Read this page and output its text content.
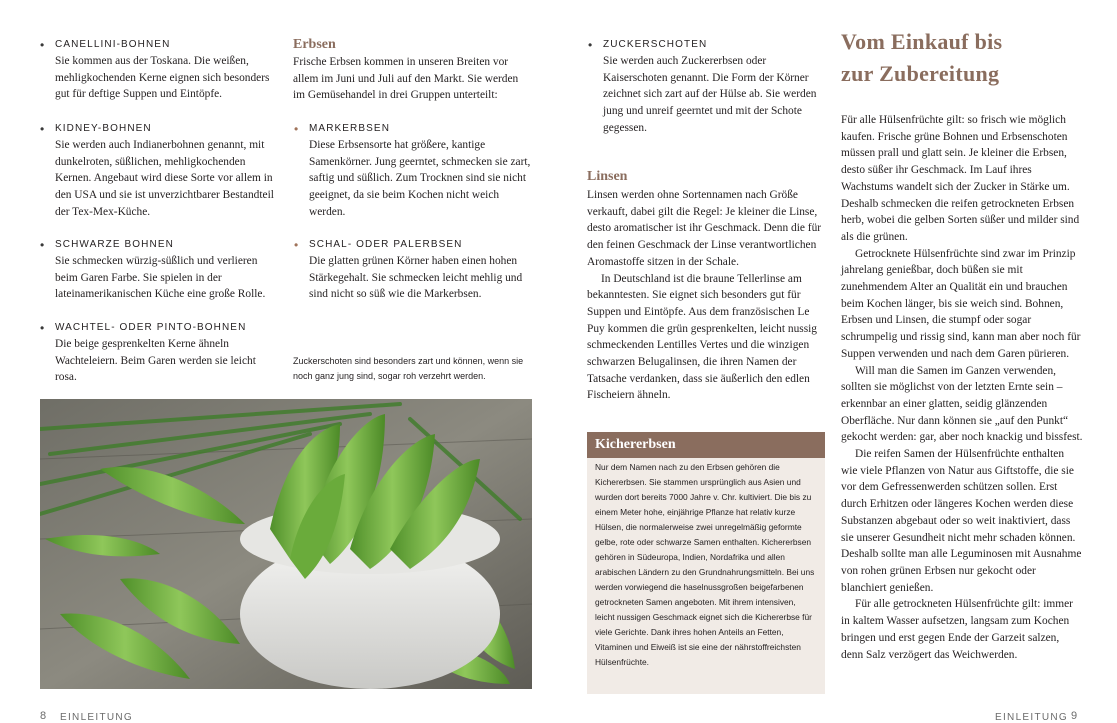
• CANELLINI-BOHNEN
Sie kommen aus der Toskana. Die weißen, mehligkochenden Kerne eignen sich besonders gut für deftige Suppen und Eintöpfe.
• KIDNEY-BOHNEN
Sie werden auch Indianerbohnen genannt, mit dunkelroten, süßlichen, mehligkochenden Kernen. Angebaut wird diese Sorte vor allem in den USA und sie ist unverzichtbarer Bestandteil der Tex-Mex-Küche.
• SCHWARZE BOHNEN
Sie schmecken würzig-süßlich und verlieren beim Garen Farbe. Sie spielen in der lateinamerikanischen Küche eine große Rolle.
• WACHTEL- ODER PINTO-BOHNEN
Die beige gesprenkelten Kerne ähneln Wachteleiern. Beim Garen werden sie leicht rosa.
Erbsen
Frische Erbsen kommen in unseren Breiten vor allem im Juni und Juli auf den Markt. Sie werden im Gemüsehandel in drei Gruppen unterteilt:
• MARKERBSEN
Diese Erbsensorte hat größere, kantige Samenkörner. Jung geerntet, schmecken sie zart, saftig und süßlich. Zum Trocknen sind sie nicht geeignet, da sie beim Kochen nicht weich werden.
• SCHAL- ODER PALERBSEN
Die glatten grünen Körner haben einen hohen Stärkegehalt. Sie schmecken leicht mehlig und sind nicht so süß wie die Markerbsen.
Zuckerschoten sind besonders zart und können, wenn sie noch ganz jung sind, sogar roh verzehrt werden.
• ZUCKERSCHOTEN
Sie werden auch Zuckererbsen oder Kaiserschoten genannt. Die Form der Körner zeichnet sich zart auf der Hülse ab. Sie werden jung und unreif geerntet und mit der Schote gegessen.
Linsen

Linsen werden ohne Sortennamen nach Größe verkauft, dabei gilt die Regel: Je kleiner die Linse, desto aromatischer ist ihr Geschmack. Denn die für den feinen Geschmack der Linse verantwortlichen Aromastoffe sitzen in der Schale.

In Deutschland ist die braune Tellerlinse am bekanntesten. Sie eignet sich besonders gut für Suppen und Eintöpfe. Aus dem französischen Le Puy kommen die grün gesprenkelten, leicht nussig schmeckenden Lentilles Vertes und die winzigen schwarzen Belugalinsen, die ihren Namen der Tatsache verdanken, dass sie äußerlich den edlen Fischeiern ähneln.

Kichererbsen
Nur dem Namen nach zu den Erbsen gehören die Kichererbsen. Sie stammen ursprünglich aus Asien und wurden dort bereits 7000 Jahre v. Chr. kultiviert. Die bis zu einem Meter hohe, einjährige Pflanze hat relativ kurze Hülsen, die normalerweise zwei unregelmäßig geformte gelbe, rote oder schwarze Samen enthalten. Kichererbsen gehören in Südeuropa, Indien, Nordafrika und allen arabischen Ländern zu den Grundnahrungsmitteln. Bei uns werden vorwiegend die haselnussgroßen beigefarbenen getrockneten Samen angeboten. Mit ihrem intensiven, leicht nussigen Geschmack eignet sich die Kichererbse für viele Gerichte. Dank ihres hohen Anteils an Fetten, Vitaminen und Eiweiß ist sie eine der nährstoffreichsten Hülsenfrüchte.
Vom Einkauf bis
zur Zubereitung

Für alle Hülsenfrüchte gilt: so frisch wie möglich kaufen. Frische grüne Bohnen und Erbsenschoten müssen prall und glatt sein. Je kleiner die Erbsen, desto süßer ihr Geschmack. Im Lauf ihres Wachstums wandelt sich der Zucker in Stärke um. Deshalb schmecken die reifen getrockneten Erbsen herb, wobei die gelben Sorten süßer und milder sind als die grünen.

Getrocknete Hülsenfrüchte sind zwar im Prinzip jahrelang genießbar, doch büßen sie mit zunehmendem Alter an Qualität ein und brauchen beim Kochen länger, bis sie weich sind. Bohnen, Erbsen und Linsen, die stumpf oder sogar schrumpelig und rissig sind, kann man aber noch für Suppen verwenden und nach dem Garen pürieren.

Will man die Samen im Ganzen verwenden, sollten sie möglichst von der letzten Ernte sein – erkennbar an einer glatten, seidig glänzenden Oberfläche. Nur dann können sie „auf den Punkt“ gekocht werden: gar, aber noch knackig und bissfest.

Die reifen Samen der Hülsenfrüchte enthalten wie viele Pflanzen von Natur aus Giftstoffe, die sie vor dem Gefressenwerden schützen sollen. Erst durch Erhitzen oder längeres Kochen werden diese Substanzen abgebaut oder so weit inaktiviert, dass sie unserer Gesundheit nicht mehr schaden können. Deshalb sollte man alle Leguminosen mit Ausnahme von rohen grünen Erbsen nur gekocht oder blanchiert genießen.

Für alle getrockneten Hülsenfrüchte gilt: immer in kaltem Wasser aufsetzen, langsam zum Kochen bringen und erst gegen Ende der Garzeit salzen, denn Salz verzögert das Weichwerden.

8 EINLEITUNG	EINLEITUNG 9
